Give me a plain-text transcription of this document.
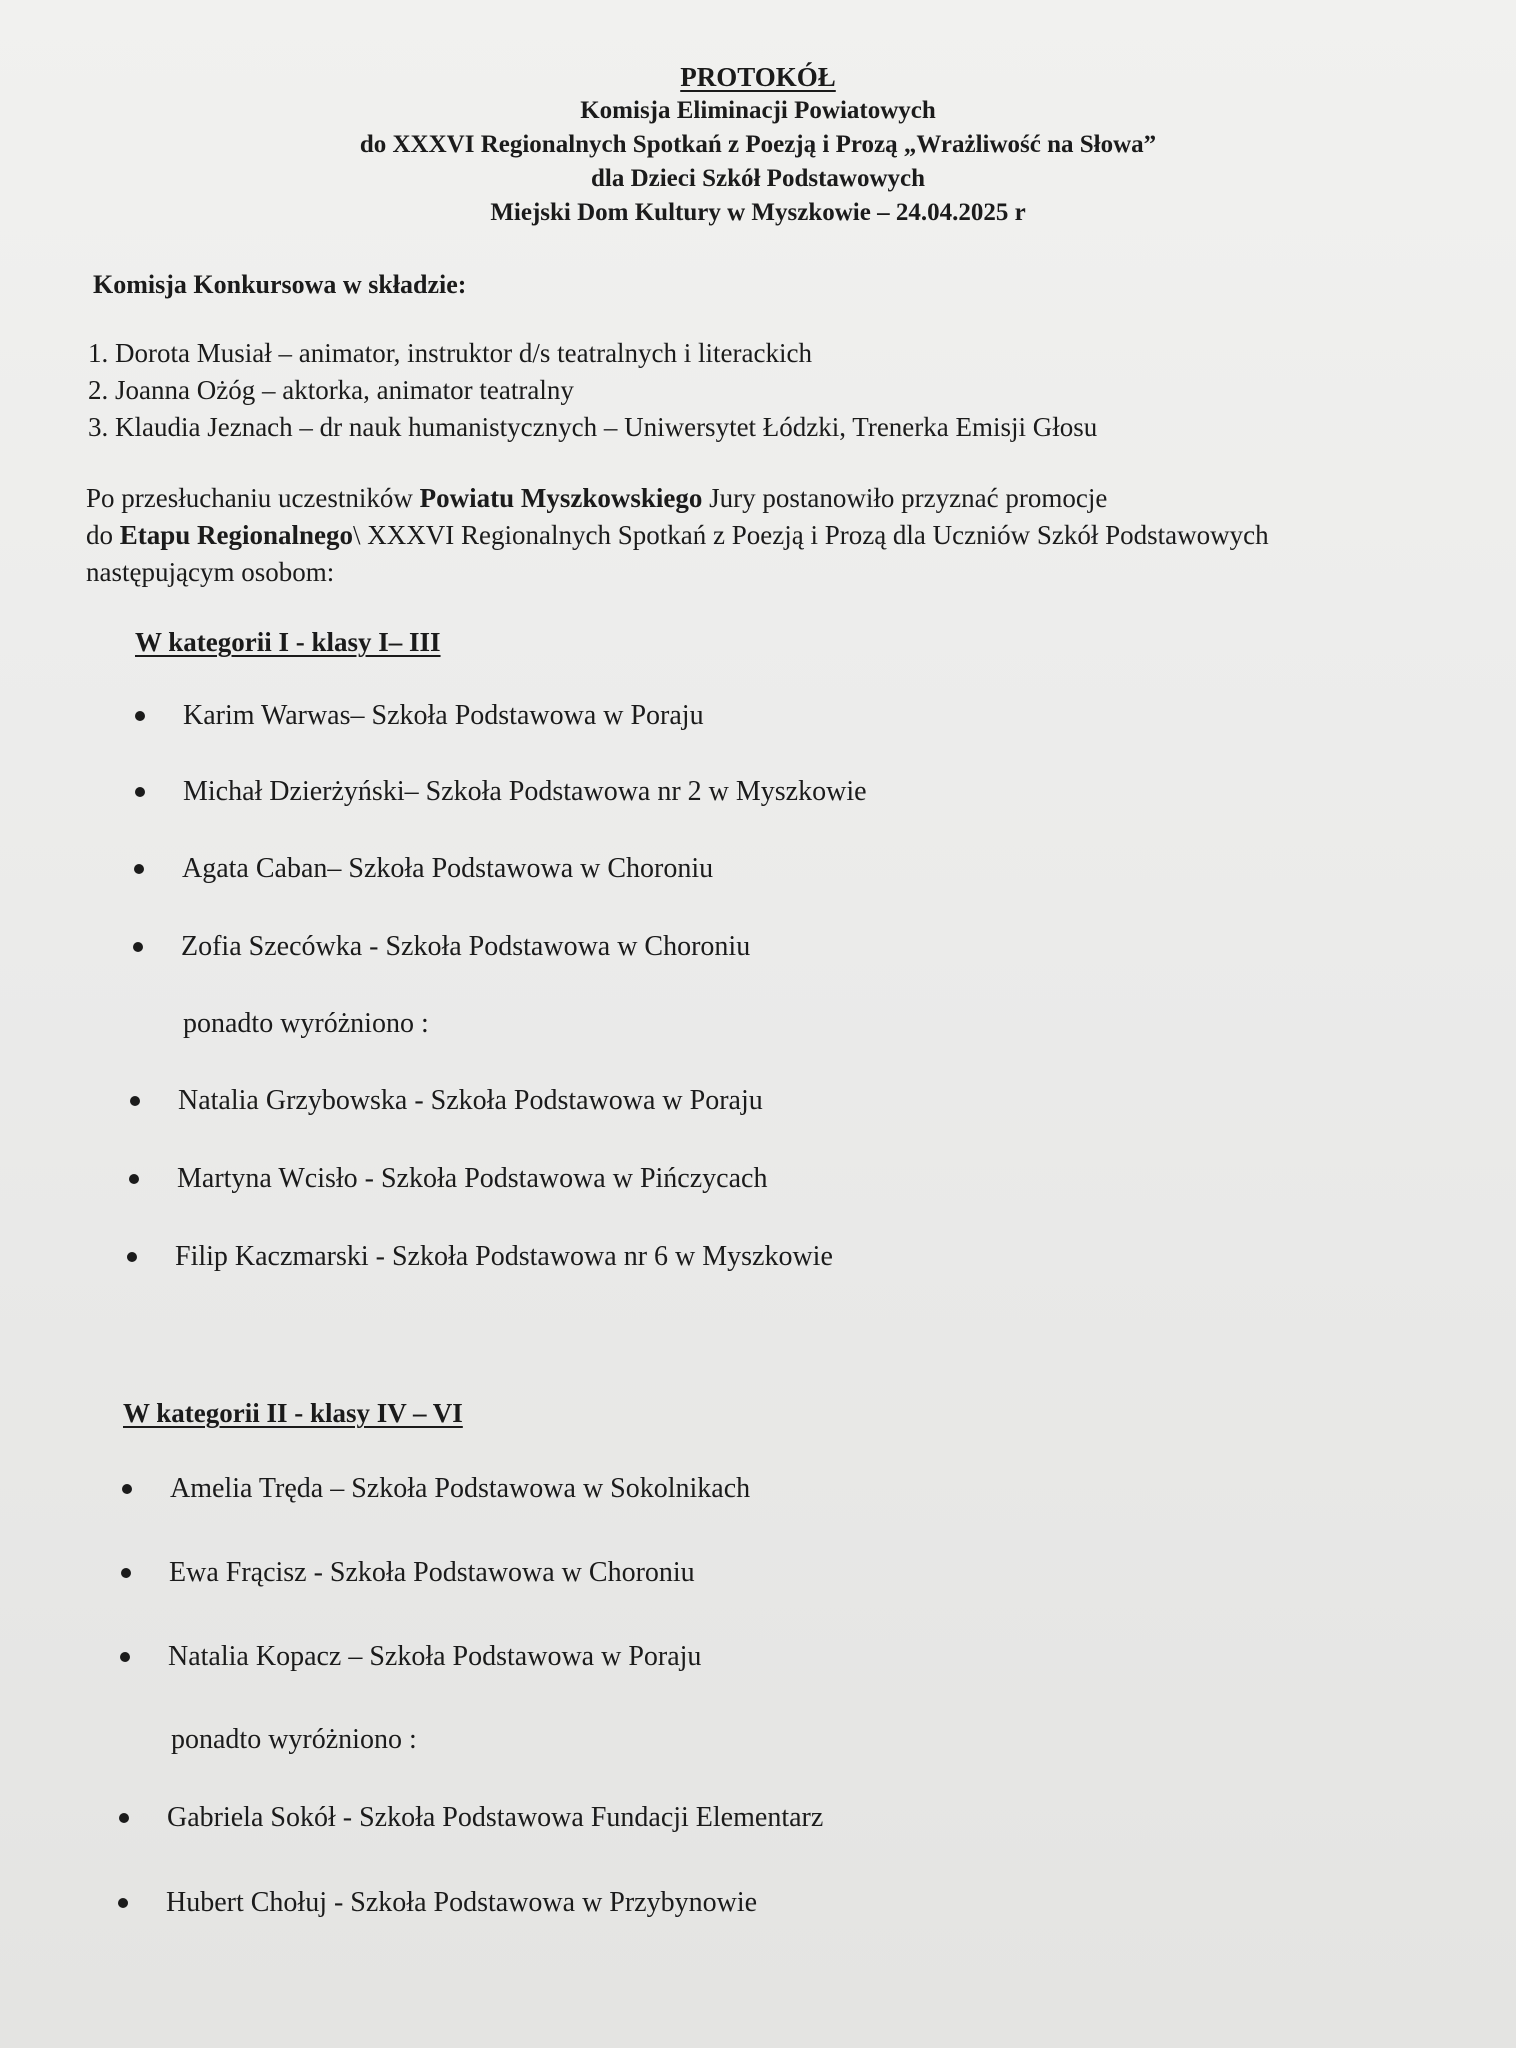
PROTOKÓŁ
Komisja Eliminacji Powiatowych
do XXXVI Regionalnych Spotkań z Poezją i Prozą „Wrażliwość na Słowa”
dla Dzieci Szkół Podstawowych
Miejski Dom Kultury w Myszkowie – 24.04.2025 r
Komisja Konkursowa w składzie:
1. Dorota Musiał – animator, instruktor d/s teatralnych i literackich
2. Joanna Ożóg – aktorka, animator teatralny
3. Klaudia Jeznach – dr nauk humanistycznych – Uniwersytet Łódzki, Trenerka Emisji Głosu
Po przesłuchaniu uczestników Powiatu Myszkowskiego Jury postanowiło przyznać promocje
do Etapu Regionalnego\ XXXVI Regionalnych Spotkań z Poezją i Prozą dla Uczniów Szkół Podstawowych
następującym osobom:
W kategorii I - klasy I– III
Karim Warwas– Szkoła Podstawowa w Poraju
Michał Dzierżyński– Szkoła Podstawowa nr 2 w Myszkowie
Agata Caban– Szkoła Podstawowa w Choroniu
Zofia Szecówka - Szkoła Podstawowa w Choroniu
ponadto wyróżniono :
Natalia Grzybowska - Szkoła Podstawowa w Poraju
Martyna Wcisło - Szkoła Podstawowa w Pińczycach
Filip Kaczmarski - Szkoła Podstawowa nr 6 w Myszkowie
W kategorii II - klasy IV – VI
Amelia Tręda – Szkoła Podstawowa w Sokolnikach
Ewa Frącisz - Szkoła Podstawowa w Choroniu
Natalia Kopacz – Szkoła Podstawowa w Poraju
ponadto wyróżniono :
Gabriela Sokół - Szkoła Podstawowa Fundacji Elementarz
Hubert Chołuj - Szkoła Podstawowa w Przybynowie
